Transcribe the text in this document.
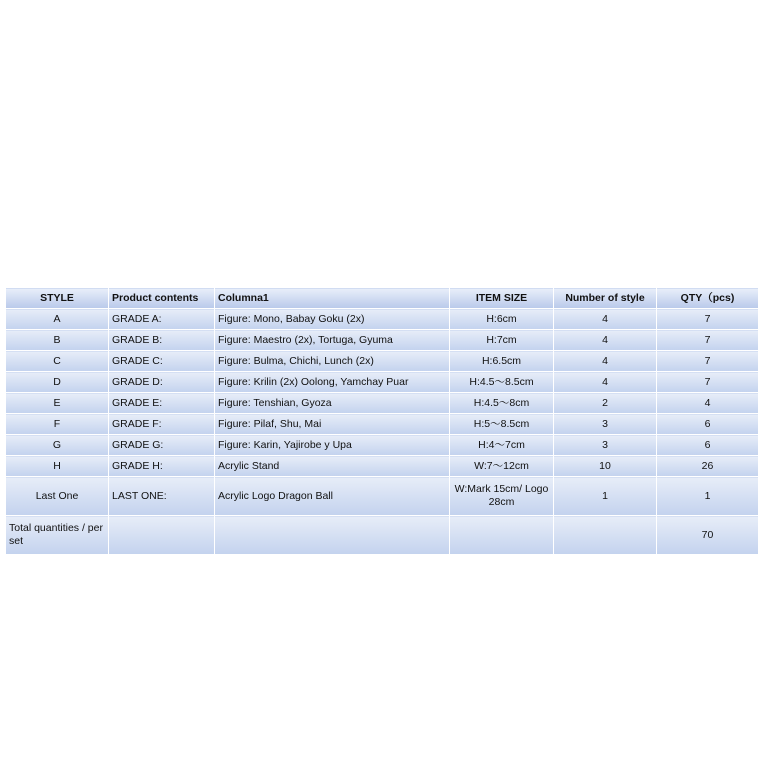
STYLE	Product contents	Columna1	ITEM SIZE	Number of style	QTY（pcs)
A	GRADE A:	Figure: Mono, Babay Goku (2x)	H:6cm	4	7
B	GRADE B:	Figure: Maestro (2x), Tortuga, Gyuma	H:7cm	4	7
C	GRADE C:	Figure: Bulma, Chichi, Lunch (2x)	H:6.5cm	4	7
D	GRADE D:	Figure: Krilin (2x) Oolong, Yamchay Puar	H:4.5～8.5cm	4	7
E	GRADE E:	Figure: Tenshian, Gyoza	H:4.5～8cm	2	4
F	GRADE F:	Figure: Pilaf, Shu, Mai	H:5～8.5cm	3	6
G	GRADE G:	Figure: Karin, Yajirobe y Upa	H:4～7cm	3	6
H	GRADE H:	Acrylic Stand	W:7～12cm	10	26
Last One	LAST ONE:	Acrylic Logo Dragon Ball	W:Mark 15cm/ Logo 28cm	1	1
Total quantities / per set					70
